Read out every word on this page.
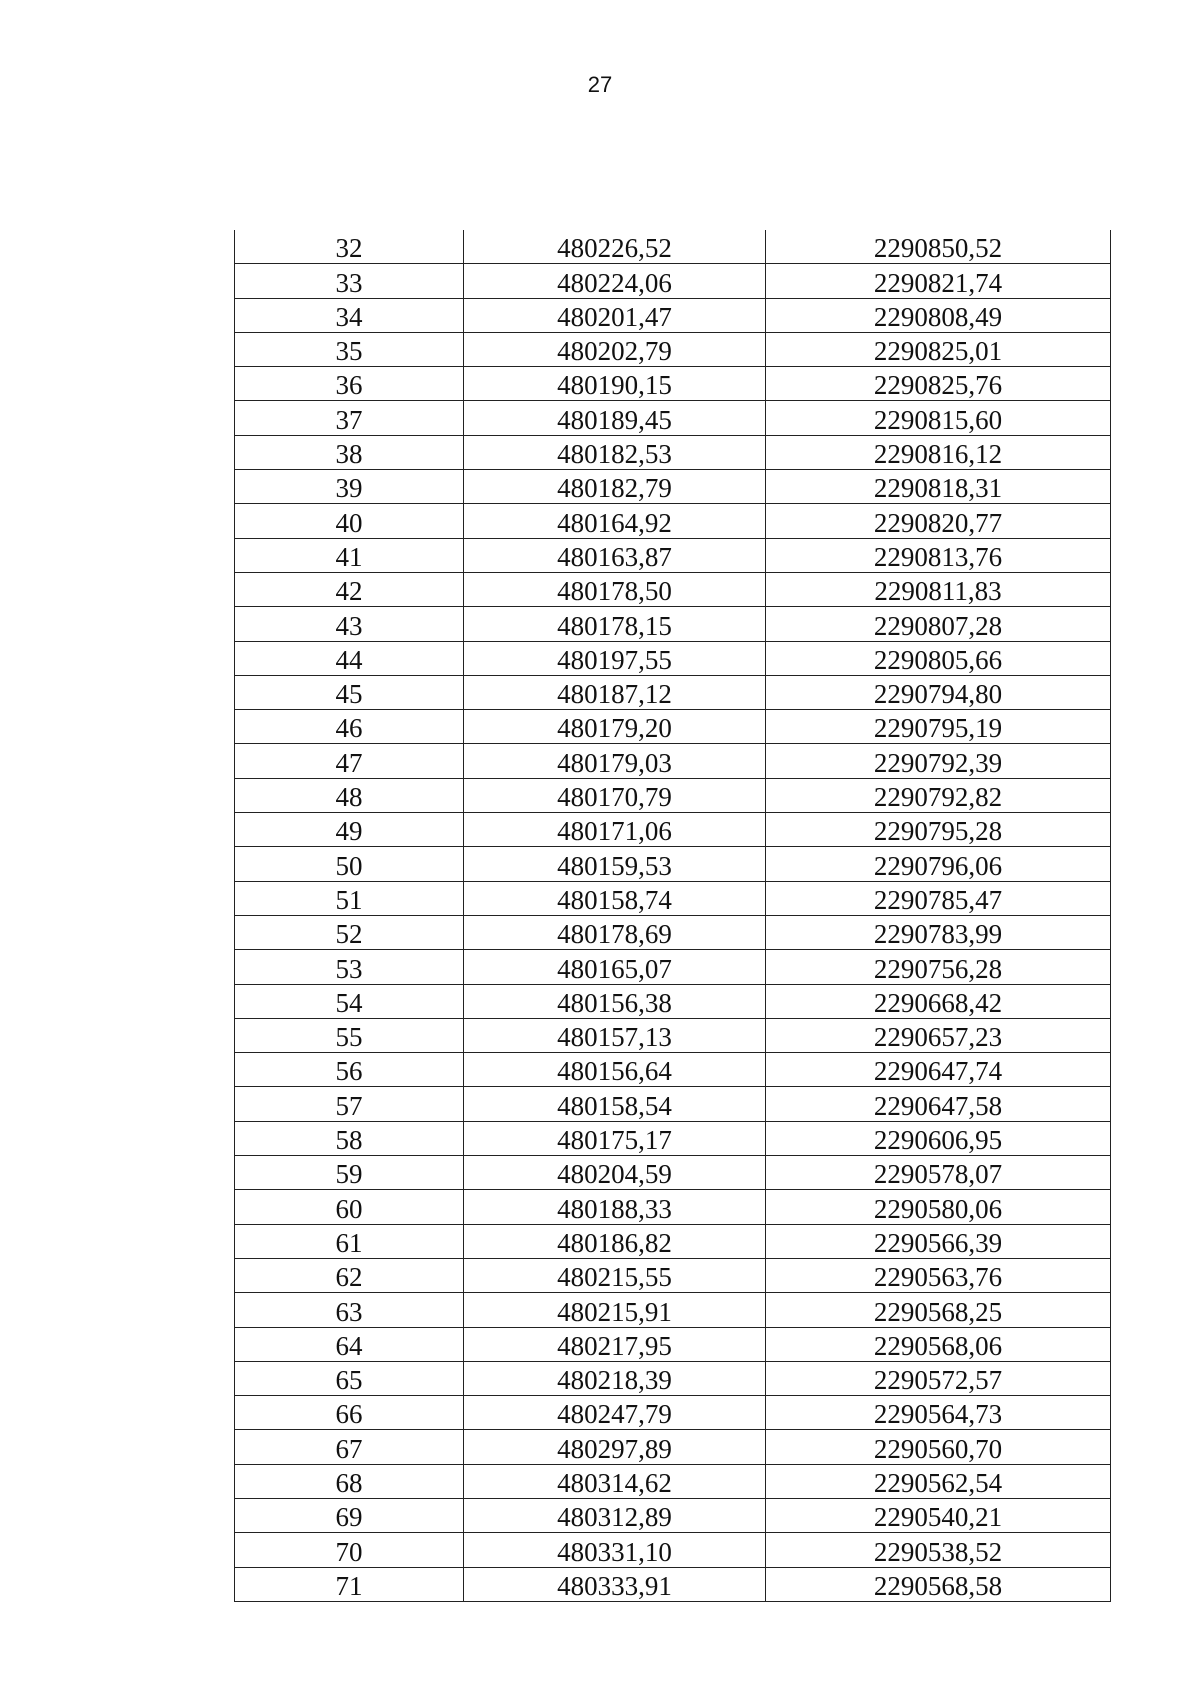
27
32	480226,52	2290850,52
33	480224,06	2290821,74
34	480201,47	2290808,49
35	480202,79	2290825,01
36	480190,15	2290825,76
37	480189,45	2290815,60
38	480182,53	2290816,12
39	480182,79	2290818,31
40	480164,92	2290820,77
41	480163,87	2290813,76
42	480178,50	2290811,83
43	480178,15	2290807,28
44	480197,55	2290805,66
45	480187,12	2290794,80
46	480179,20	2290795,19
47	480179,03	2290792,39
48	480170,79	2290792,82
49	480171,06	2290795,28
50	480159,53	2290796,06
51	480158,74	2290785,47
52	480178,69	2290783,99
53	480165,07	2290756,28
54	480156,38	2290668,42
55	480157,13	2290657,23
56	480156,64	2290647,74
57	480158,54	2290647,58
58	480175,17	2290606,95
59	480204,59	2290578,07
60	480188,33	2290580,06
61	480186,82	2290566,39
62	480215,55	2290563,76
63	480215,91	2290568,25
64	480217,95	2290568,06
65	480218,39	2290572,57
66	480247,79	2290564,73
67	480297,89	2290560,70
68	480314,62	2290562,54
69	480312,89	2290540,21
70	480331,10	2290538,52
71	480333,91	2290568,58
